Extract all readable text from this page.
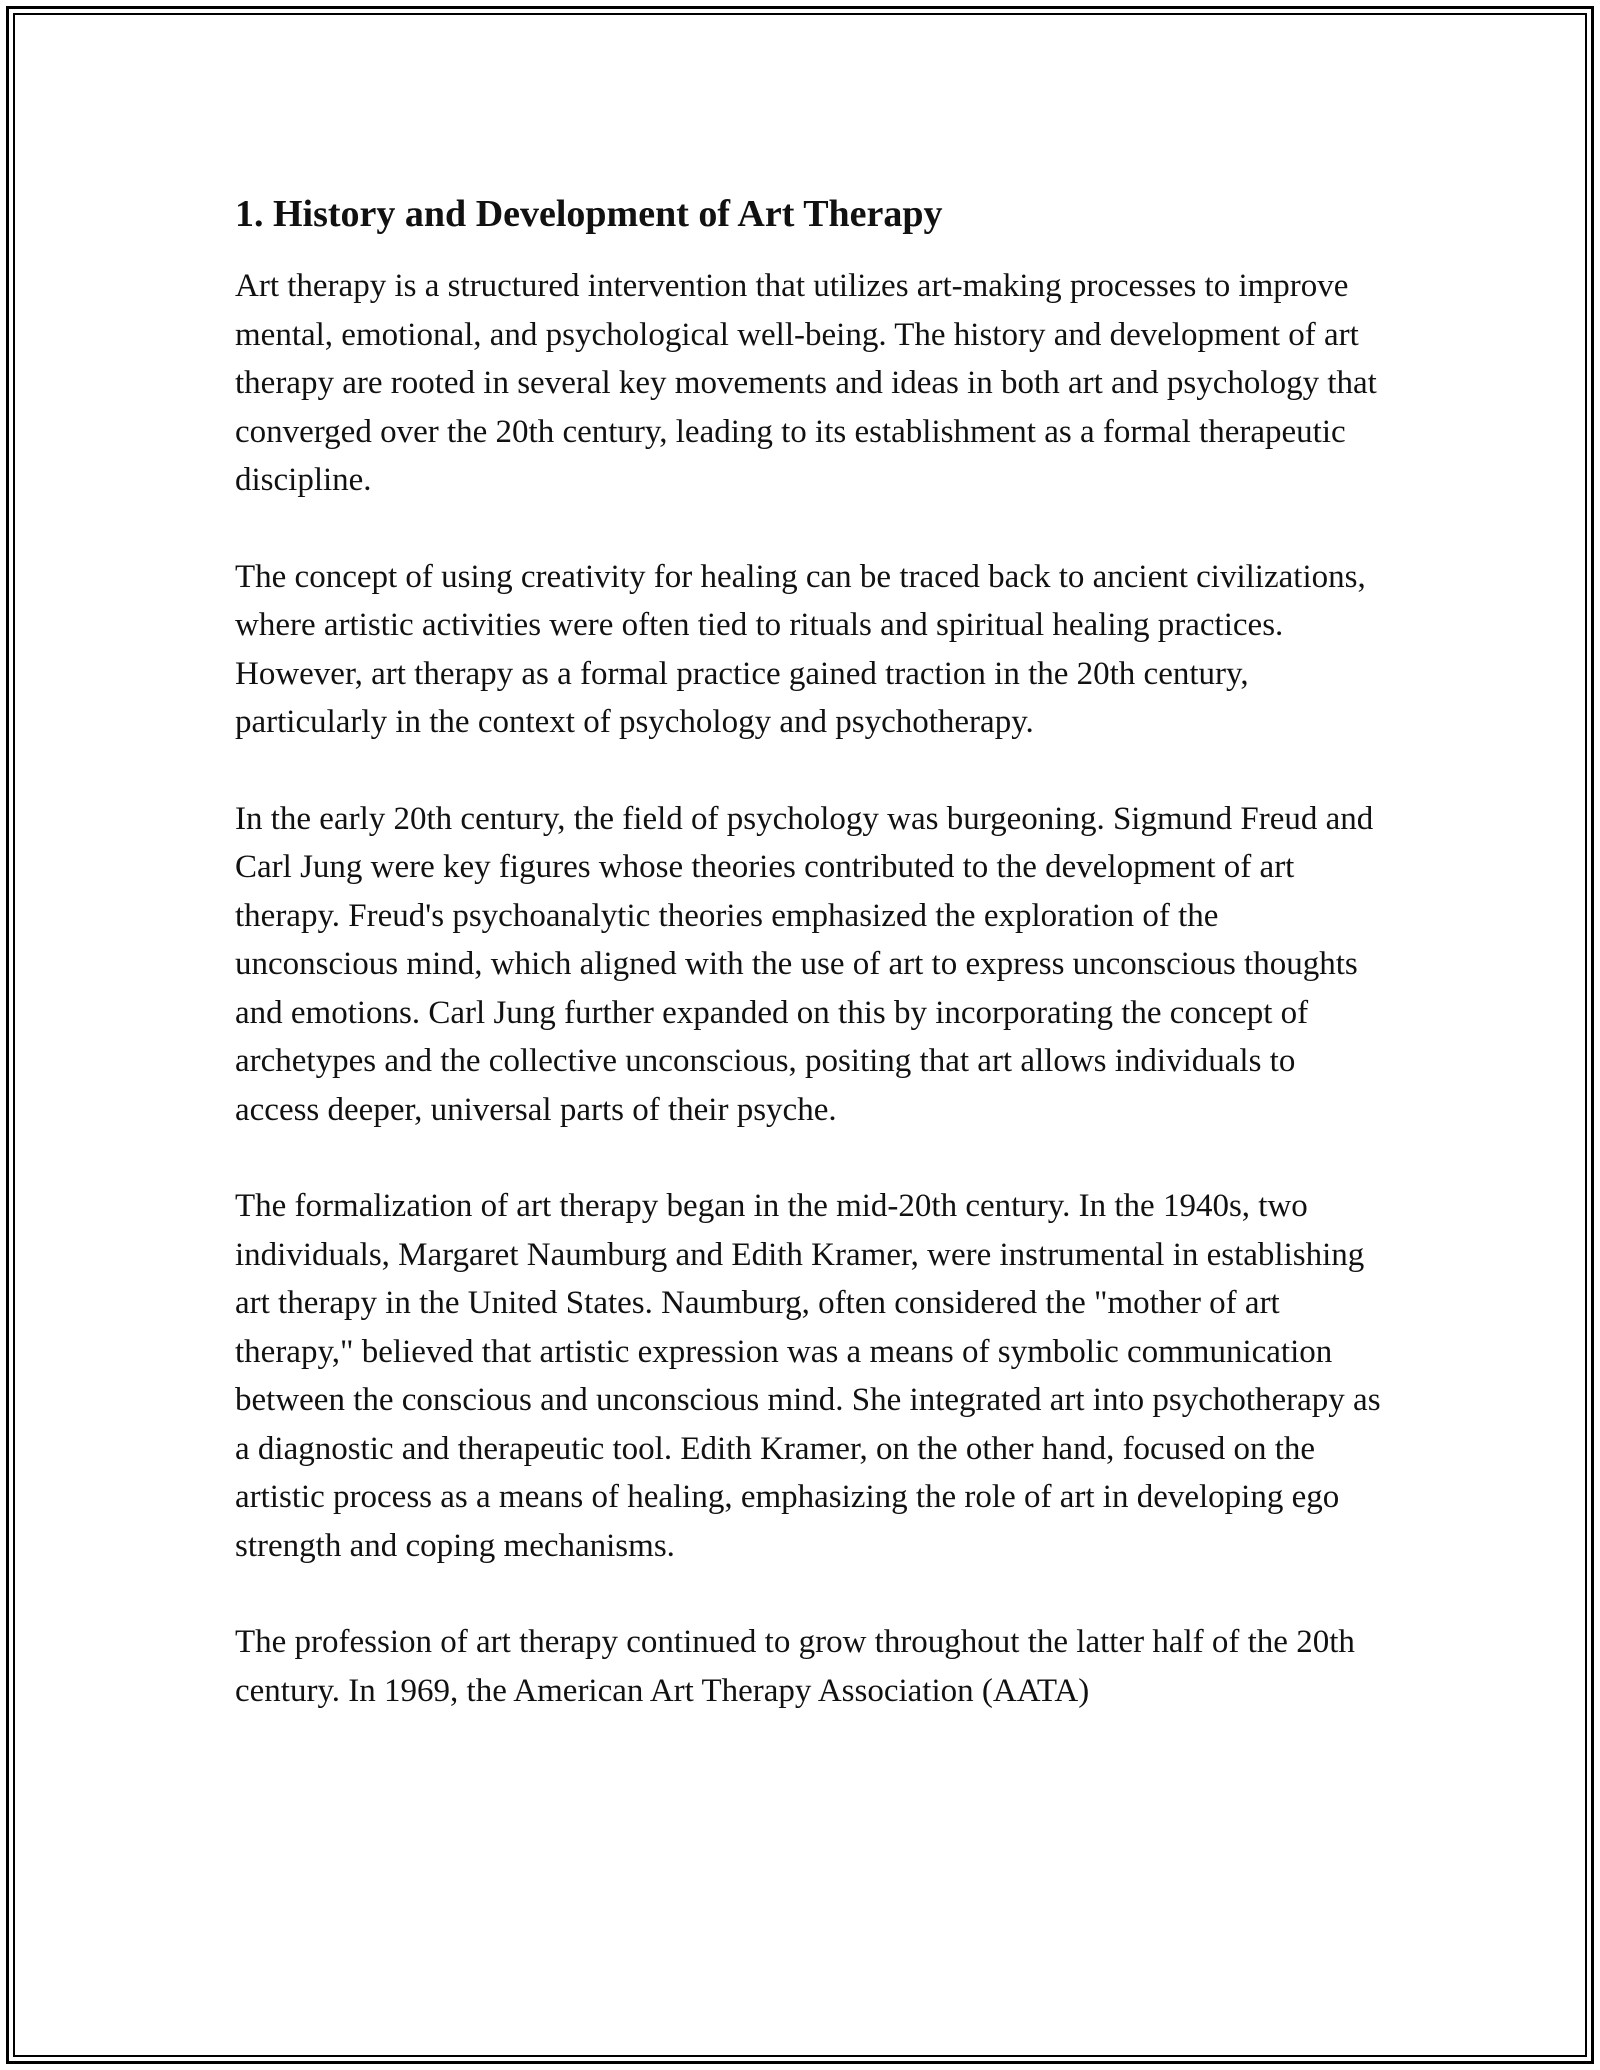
1. History and Development of Art Therapy

Art therapy is a structured intervention that utilizes art-making processes to improve mental, emotional, and psychological well-being. The history and development of art therapy are rooted in several key movements and ideas in both art and psychology that converged over the 20th century, leading to its establishment as a formal therapeutic discipline.

The concept of using creativity for healing can be traced back to ancient civilizations, where artistic activities were often tied to rituals and spiritual healing practices. However, art therapy as a formal practice gained traction in the 20th century, particularly in the context of psychology and psychotherapy.

In the early 20th century, the field of psychology was burgeoning. Sigmund Freud and Carl Jung were key figures whose theories contributed to the development of art therapy. Freud's psychoanalytic theories emphasized the exploration of the unconscious mind, which aligned with the use of art to express unconscious thoughts and emotions. Carl Jung further expanded on this by incorporating the concept of archetypes and the collective unconscious, positing that art allows individuals to access deeper, universal parts of their psyche.

The formalization of art therapy began in the mid-20th century. In the 1940s, two individuals, Margaret Naumburg and Edith Kramer, were instrumental in establishing art therapy in the United States. Naumburg, often considered the "mother of art therapy," believed that artistic expression was a means of symbolic communication between the conscious and unconscious mind. She integrated art into psychotherapy as a diagnostic and therapeutic tool. Edith Kramer, on the other hand, focused on the artistic process as a means of healing, emphasizing the role of art in developing ego strength and coping mechanisms.

The profession of art therapy continued to grow throughout the latter half of the 20th century. In 1969, the American Art Therapy Association (AATA)
